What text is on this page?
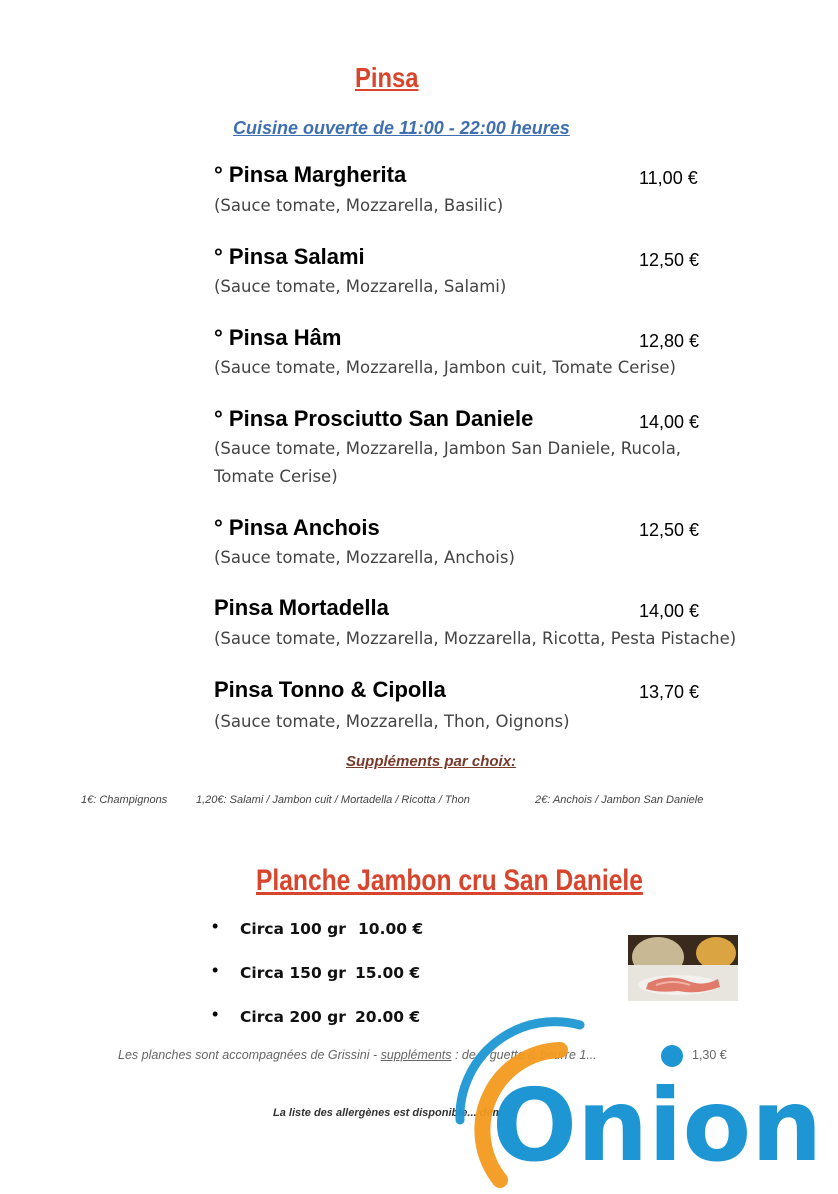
Pinsa
Cuisine ouverte de 11:00 - 22:00 heures
° Pinsa Margherita	11,00 €
(Sauce tomate, Mozzarella, Basilic)
° Pinsa Salami	12,50 €
(Sauce tomate, Mozzarella, Salami)
° Pinsa Hâm	12,80 €
(Sauce tomate, Mozzarella, Jambon cuit, Tomate Cerise)
° Pinsa Prosciutto San Daniele	14,00 €
(Sauce tomate, Mozzarella, Jambon San Daniele, Rucola, Tomate Cerise)
° Pinsa Anchois	12,50 €
(Sauce tomate, Mozzarella, Anchois)
Pinsa Mortadella	14,00 €
(Sauce tomate, Mozzarella, Mozzarella, Ricotta, Pesta Pistache)
Pinsa Tonno & Cipolla	13,70 €
(Sauce tomate, Mozzarella, Thon, Oignons)
Suppléments par choix:
1€: Champignons	1,20€: Salami / Jambon cuit / Mortadella / Ricotta / Thon	2€: Anchois / Jambon San Daniele
Planche Jambon cru San Daniele
• Circa 100 gr 10.00 €
• Circa 150 gr 15.00 €
• Circa 200 gr 20.00 €
Les planches sont accompagnées de Grissini - suppléments : de... guette & beurre 1...	1,30 €
La liste des allergènes est disponible... dema...
Onion
